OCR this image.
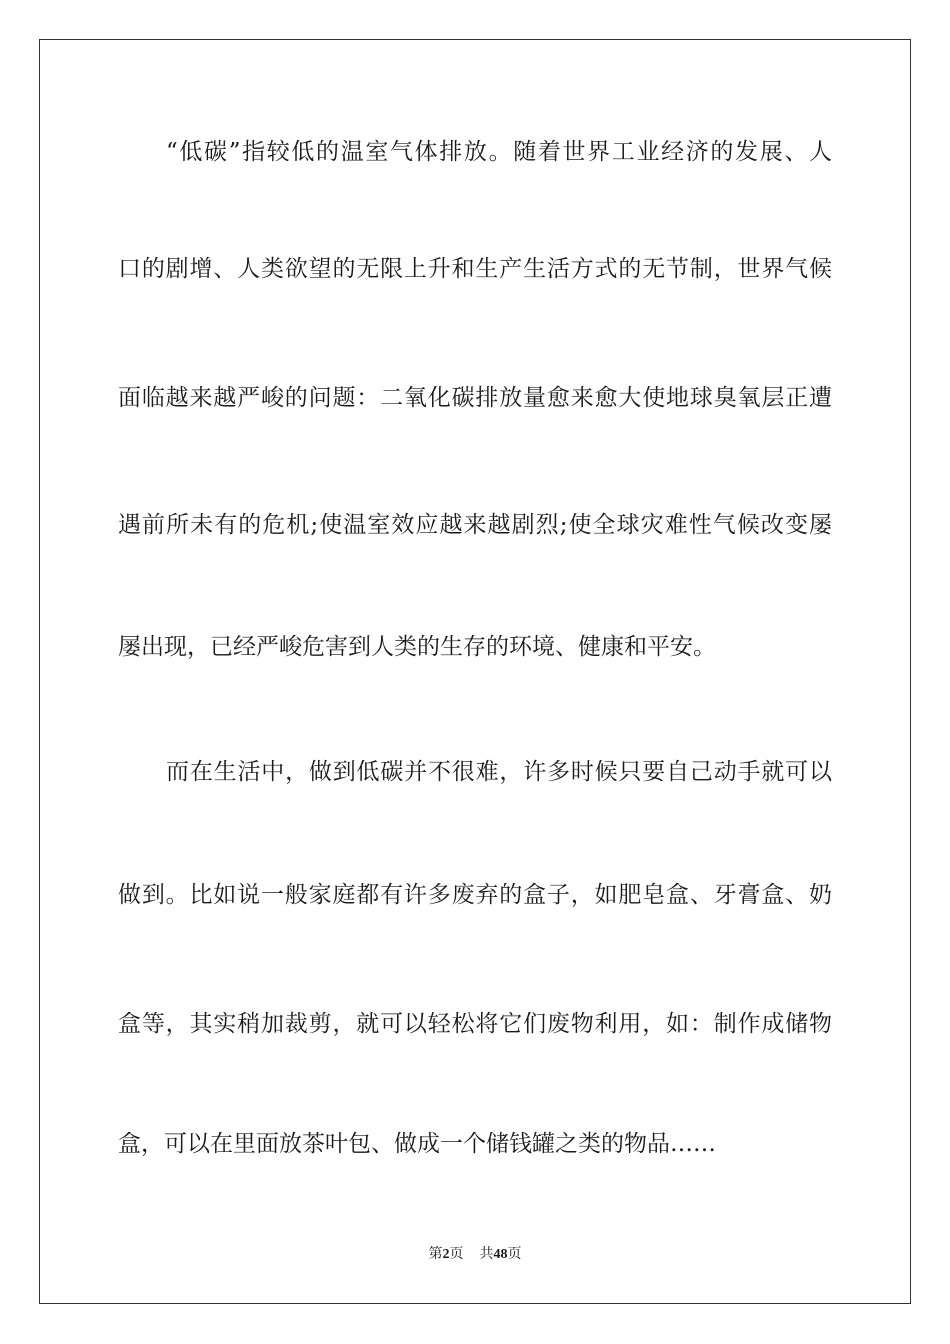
“低碳”指较低的温室气体排放。随着世界工业经济的发展、人
口的剧增、人类欲望的无限上升和生产生活方式的无节制，世界气候
面临越来越严峻的问题：二氧化碳排放量愈来愈大使地球臭氧层正遭
遇前所未有的危机;使温室效应越来越剧烈;使全球灾难性气候改变屡
屡出现，已经严峻危害到人类的生存的环境、健康和平安。
而在生活中，做到低碳并不很难，许多时候只要自己动手就可以
做到。比如说一般家庭都有许多废弃的盒子，如肥皂盒、牙膏盒、奶
盒等，其实稍加裁剪，就可以轻松将它们废物利用，如：制作成储物
盒，可以在里面放茶叶包、做成一个储钱罐之类的物品……
第2页 共48页
